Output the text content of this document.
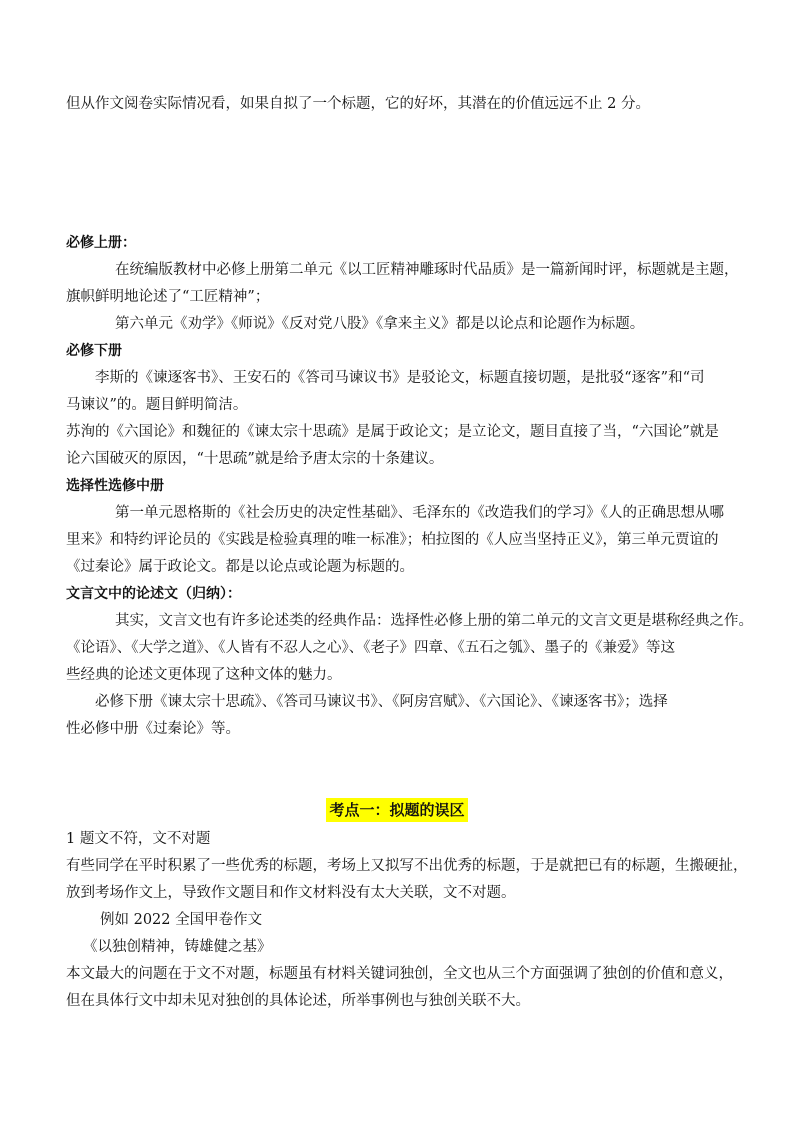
但从作文阅卷实际情况看，如果自拟了一个标题，它的好坏，其潜在的价值远远不止 2 分。
必修上册：
在统编版教材中必修上册第二单元《以工匠精神雕琢时代品质》是一篇新闻时评，标题就是主题，
旗帜鲜明地论述了“工匠精神”；
第六单元《劝学》《师说》《反对党八股》《拿来主义》都是以论点和论题作为标题。
必修下册
李斯的《谏逐客书》、王安石的《答司马谏议书》是驳论文，标题直接切题，是批驳“逐客”和“司
马谏议”的。题目鲜明简洁。
苏洵的《六国论》和魏征的《谏太宗十思疏》是属于政论文；是立论文，题目直接了当，“六国论”就是
论六国破灭的原因，“十思疏”就是给予唐太宗的十条建议。
选择性选修中册
第一单元恩格斯的《社会历史的决定性基础》、毛泽东的《改造我们的学习》《人的正确思想从哪
里来》和特约评论员的《实践是检验真理的唯一标准》；柏拉图的《人应当坚持正义》，第三单元贾谊的
《过秦论》属于政论文。都是以论点或论题为标题的。
文言文中的论述文（归纳）：
其实，文言文也有许多论述类的经典作品：选择性必修上册的第二单元的文言文更是堪称经典之作。
《论语》、《大学之道》、《人皆有不忍人之心》、《老子》四章、《五石之瓠》、墨子的《兼爱》等这
些经典的论述文更体现了这种文体的魅力。
必修下册《谏太宗十思疏》、《答司马谏议书》、《阿房宫赋》、《六国论》、《谏逐客书》；选择
性必修中册《过秦论》等。
考点一：拟题的误区
1 题文不符，文不对题
有些同学在平时积累了一些优秀的标题，考场上又拟写不出优秀的标题，于是就把已有的标题，生搬硬扯，
放到考场作文上，导致作文题目和作文材料没有太大关联，文不对题。
例如 2022 全国甲卷作文
《以独创精神，铸雄健之基》
本文最大的问题在于文不对题，标题虽有材料关键词独创，全文也从三个方面强调了独创的价值和意义，
但在具体行文中却未见对独创的具体论述，所举事例也与独创关联不大。
